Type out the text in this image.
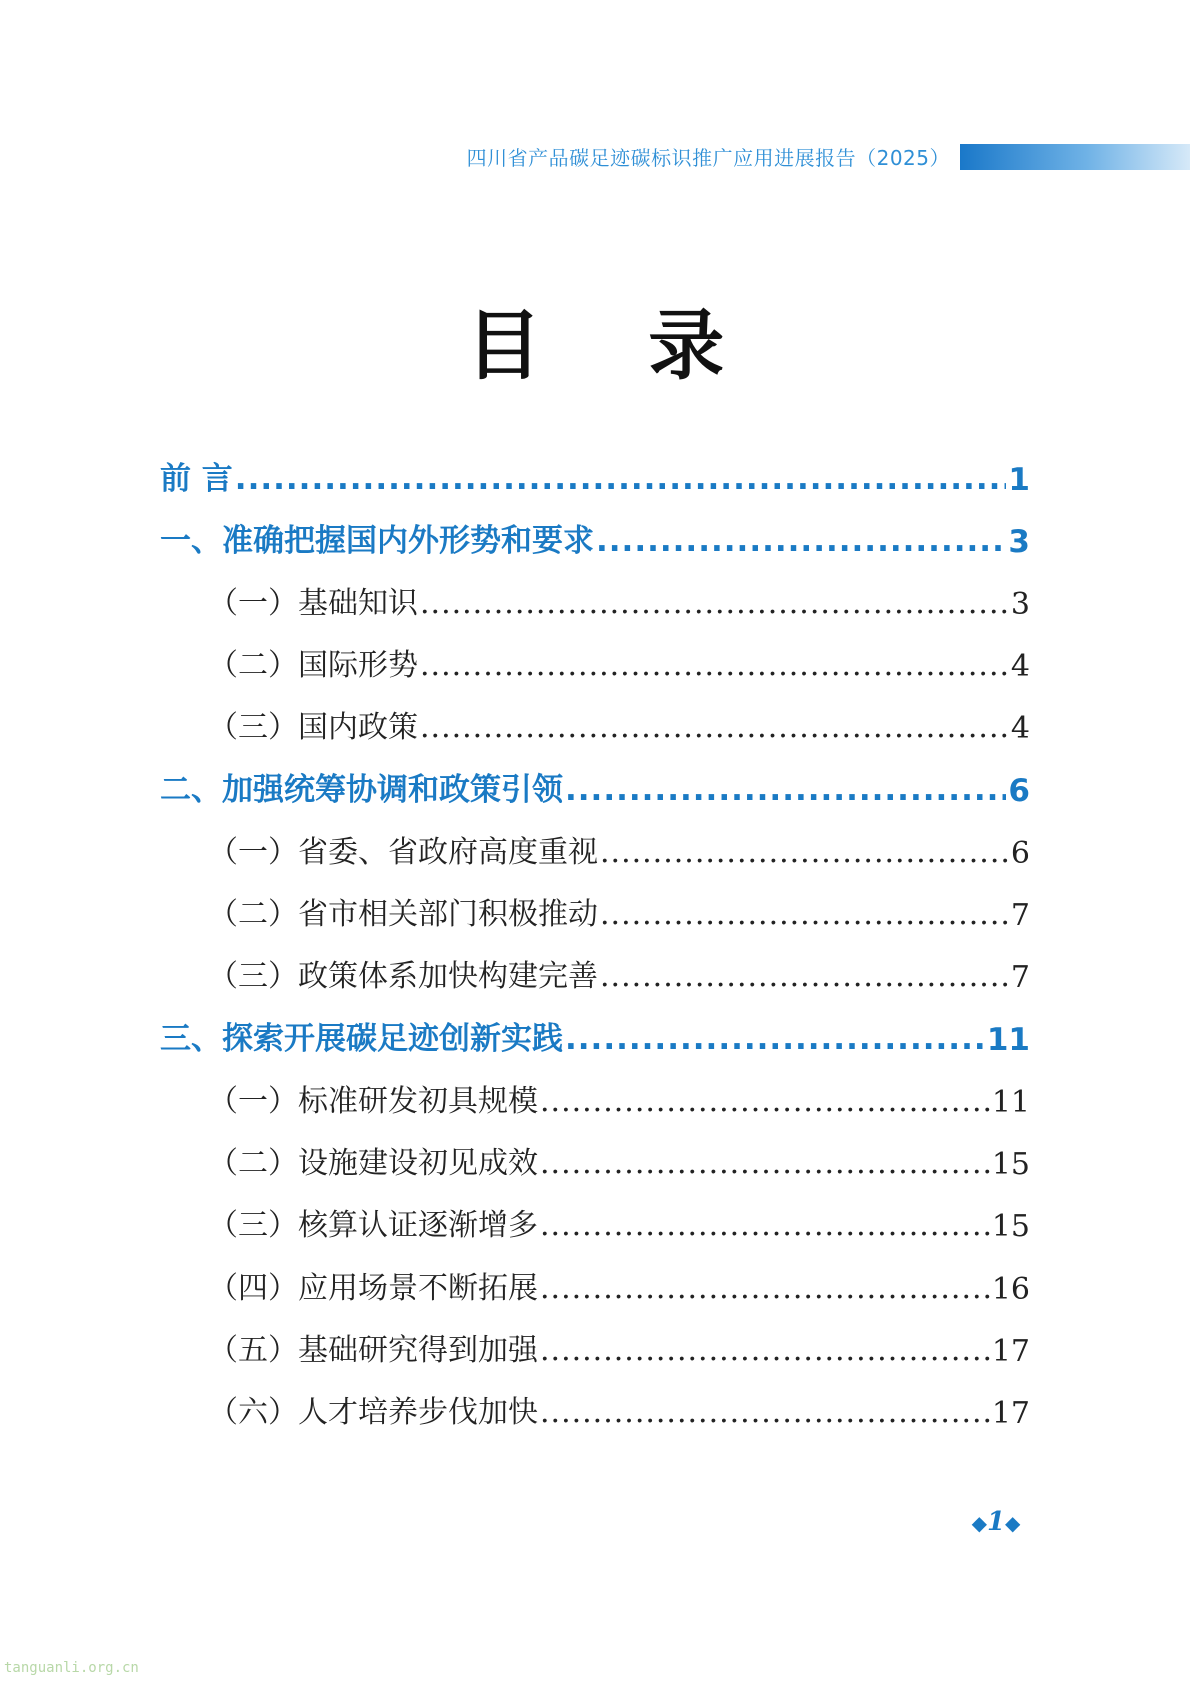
四川省产品碳足迹碳标识推广应用进展报告（2025）
目 录
前 言 .....	1
一、准确把握国内外形势和要求 .....	3
（一）基础知识 .....	3
（二）国际形势 .....	4
（三）国内政策 .....	4
二、加强统筹协调和政策引领 .....	6
（一）省委、省政府高度重视 .....	6
（二）省市相关部门积极推动 .....	7
（三）政策体系加快构建完善 .....	7
三、探索开展碳足迹创新实践 .....	11
（一）标准研发初具规模 .....	11
（二）设施建设初见成效 .....	15
（三）核算认证逐渐增多 .....	15
（四）应用场景不断拓展 .....	16
（五）基础研究得到加强 .....	17
（六）人才培养步伐加快 .....	17
◆1◆
tanguanli.org.cn
